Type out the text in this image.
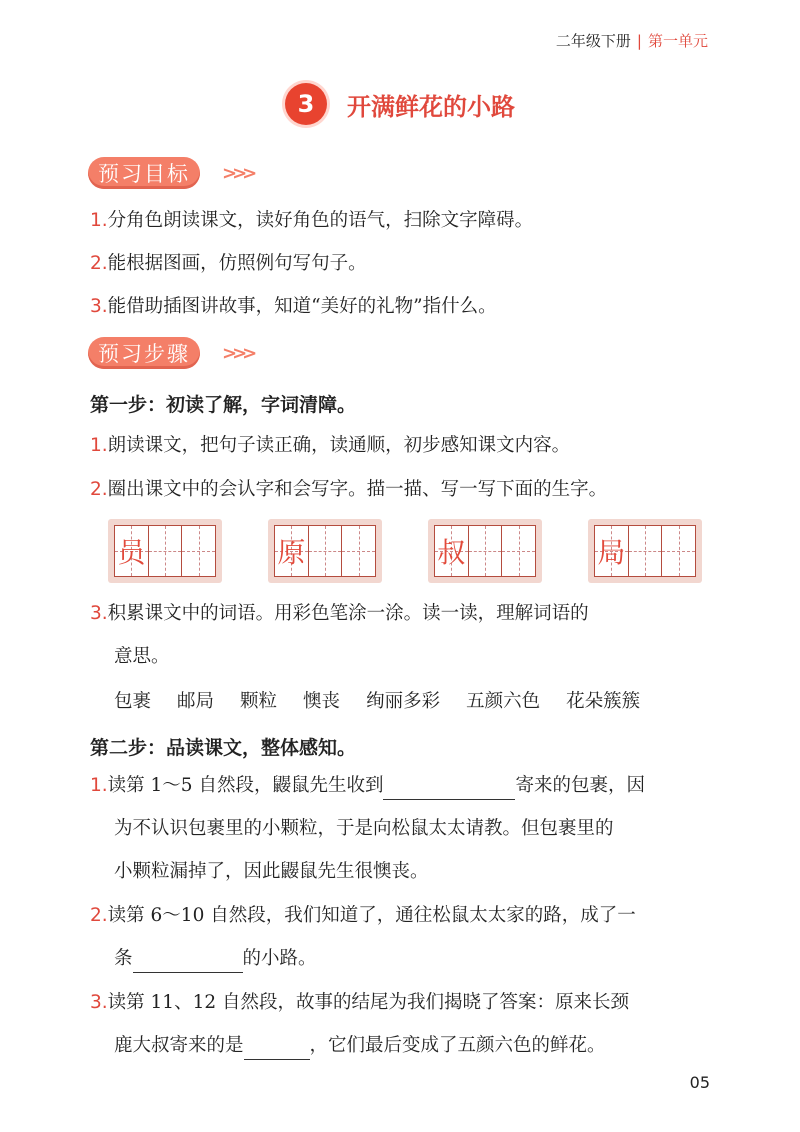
二年级下册 | 第一单元
3	开满鲜花的小路
预习目标	>>>
1.分角色朗读课文，读好角色的语气，扫除文字障碍。
2.能根据图画，仿照例句写句子。
3.能借助插图讲故事，知道“美好的礼物”指什么。
预习步骤	>>>
第一步：初读了解，字词清障。
1.朗读课文，把句子读正确，读通顺，初步感知课文内容。
2.圈出课文中的会认字和会写字。描一描、写一写下面的生字。
员	原	叔	局
3.积累课文中的词语。用彩色笔涂一涂。读一读，理解词语的
意思。
包裹 邮局 颗粒 懊丧 绚丽多彩 五颜六色 花朵簇簇
第二步：品读课文，整体感知。
1.读第 1～5 自然段，鼹鼠先生收到	寄来的包裹，因
为不认识包裹里的小颗粒，于是向松鼠太太请教。但包裹里的
小颗粒漏掉了，因此鼹鼠先生很懊丧。
2.读第 6～10 自然段，我们知道了，通往松鼠太太家的路，成了一
条	的小路。
3.读第 11、12 自然段，故事的结尾为我们揭晓了答案：原来长颈
鹿大叔寄来的是	，它们最后变成了五颜六色的鲜花。
05
